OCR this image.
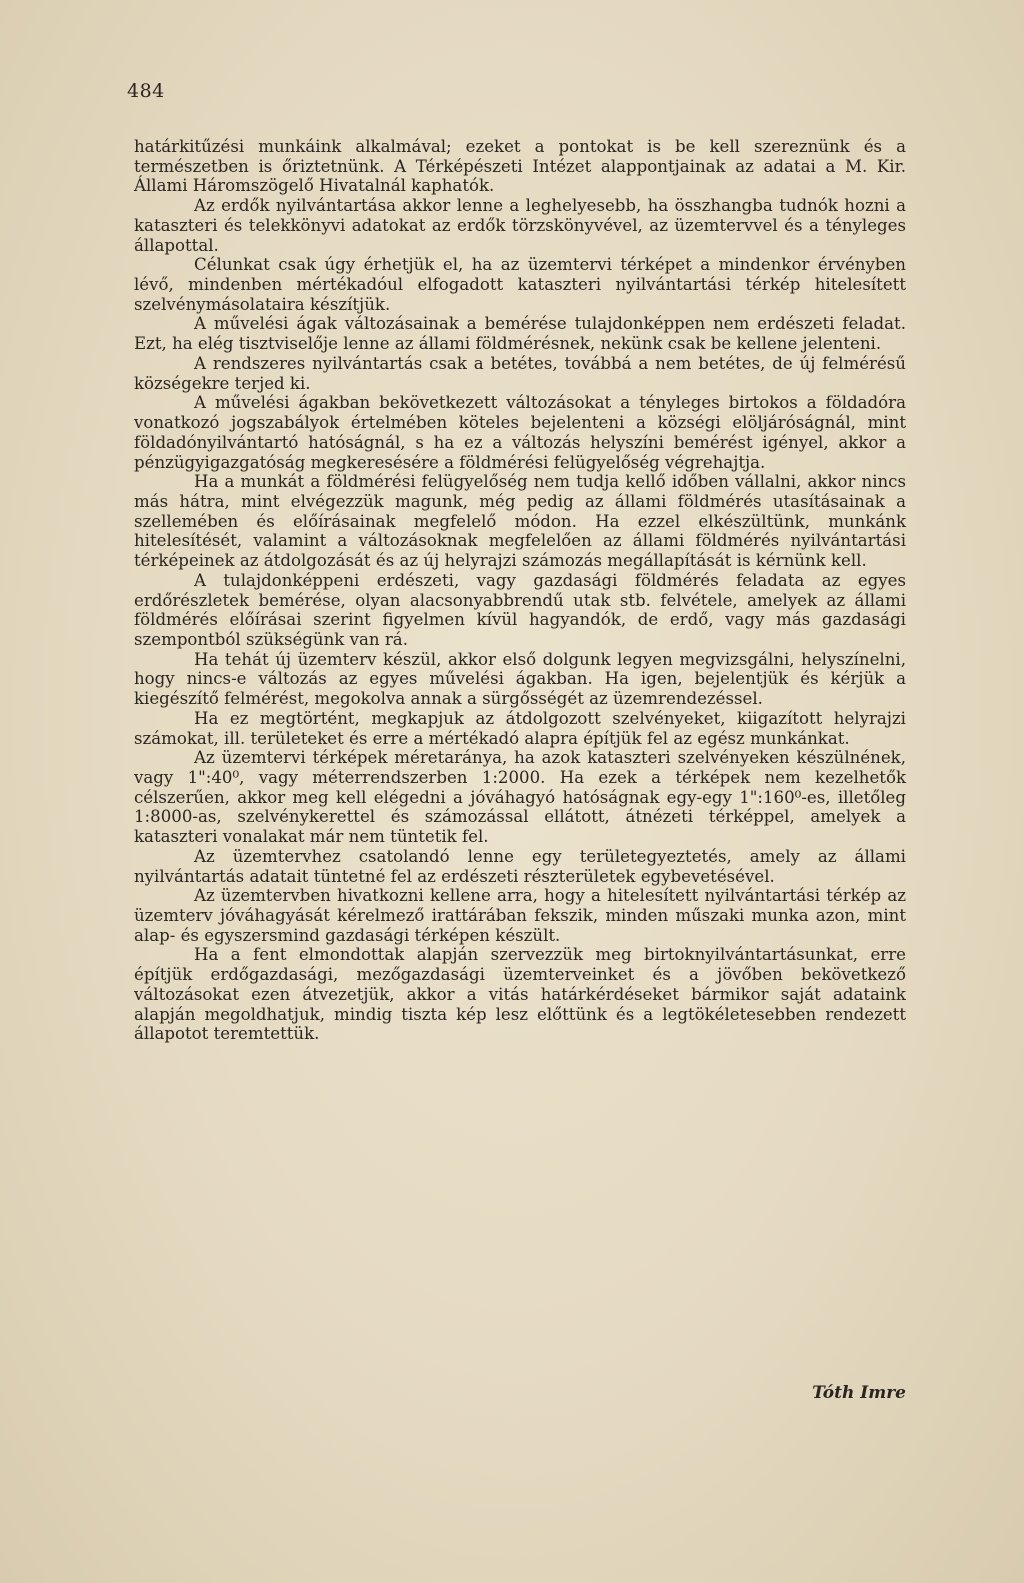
484

határkitűzési munkáink alkalmával; ezeket a pontokat is be kell szereznünk és a természetben is őriztetnünk. A Térképészeti Intézet alappontjainak az adatai a M. Kir. Állami Háromszögelő Hivatalnál kaphatók.

Az erdők nyilvántartása akkor lenne a leghelyesebb, ha összhangba tudnók hozni a kataszteri és telekkönyvi adatokat az erdők törzskönyvével, az üzemtervvel és a tényleges állapottal.

Célunkat csak úgy érhetjük el, ha az üzemtervi térképet a mindenkor érvényben lévő, mindenben mértékadóul elfogadott kataszteri nyilvántartási térkép hitelesített szelvénymásolataira készítjük.

A művelési ágak változásainak a bemérése tulajdonképpen nem erdészeti feladat. Ezt, ha elég tisztviselője lenne az állami földmérésnek, nekünk csak be kellene jelenteni.

A rendszeres nyilvántartás csak a betétes, továbbá a nem betétes, de új felmérésű községekre terjed ki.

A művelési ágakban bekövetkezett változásokat a tényleges birtokos a földadóra vonatkozó jogszabályok értelmében köteles bejelenteni a községi elöljáróságnál, mint földadónyilvántartó hatóságnál, s ha ez a változás helyszíni bemérést igényel, akkor a pénzügyigazgatóság megkeresésére a földmérési felügyelőség végrehajtja.

Ha a munkát a földmérési felügyelőség nem tudja kellő időben vállalni, akkor nincs más hátra, mint elvégezzük magunk, még pedig az állami földmérés utasításainak a szellemében és előírásainak megfelelő módon. Ha ezzel elkészültünk, munkánk hitelesítését, valamint a változásoknak megfelelően az állami földmérés nyilvántartási térképeinek az átdolgozását és az új helyrajzi számozás megállapítását is kérnünk kell.

A tulajdonképpeni erdészeti, vagy gazdasági földmérés feladata az egyes erdőrészletek bemérése, olyan alacsonyabbrendű utak stb. felvétele, amelyek az állami földmérés előírásai szerint figyelmen kívül hagyandók, de erdő, vagy más gazdasági szempontból szükségünk van rá.

Ha tehát új üzemterv készül, akkor első dolgunk legyen megvizsgálni, helyszínelni, hogy nincs-e változás az egyes művelési ágakban. Ha igen, bejelentjük és kérjük a kiegészítő felmérést, megokolva annak a sürgősségét az üzemrendezéssel.

Ha ez megtörtént, megkapjuk az átdolgozott szelvényeket, kiigazított helyrajzi számokat, ill. területeket és erre a mértékadó alapra építjük fel az egész munkánkat.

Az üzemtervi térképek méretaránya, ha azok kataszteri szelvényeken készülnének, vagy 1":40⁰, vagy méterrendszerben 1:2000. Ha ezek a térképek nem kezelhetők célszerűen, akkor meg kell elégedni a jóváhagyó hatóságnak egy-egy 1":160⁰-es, illetőleg 1:8000-as, szelvénykerettel és számozással ellátott, átnézeti térképpel, amelyek a kataszteri vonalakat már nem tüntetik fel.

Az üzemtervhez csatolandó lenne egy területegyeztetés, amely az állami nyilvántartás adatait tüntetné fel az erdészeti részterületek egybevetésével.

Az üzemtervben hivatkozni kellene arra, hogy a hitelesített nyilvántartási térkép az üzemterv jóváhagyását kérelmező irattárában fekszik, minden műszaki munka azon, mint alap- és egyszersmind gazdasági térképen készült.

Ha a fent elmondottak alapján szervezzük meg birtoknyilvántartásunkat, erre építjük erdőgazdasági, mezőgazdasági üzemterveinket és a jövőben bekövetkező változásokat ezen átvezetjük, akkor a vitás határkérdéseket bármikor saját adataink alapján megoldhatjuk, mindig tiszta kép lesz előttünk és a legtökéletesebben rendezett állapotot teremtettük.

Tóth Imre
